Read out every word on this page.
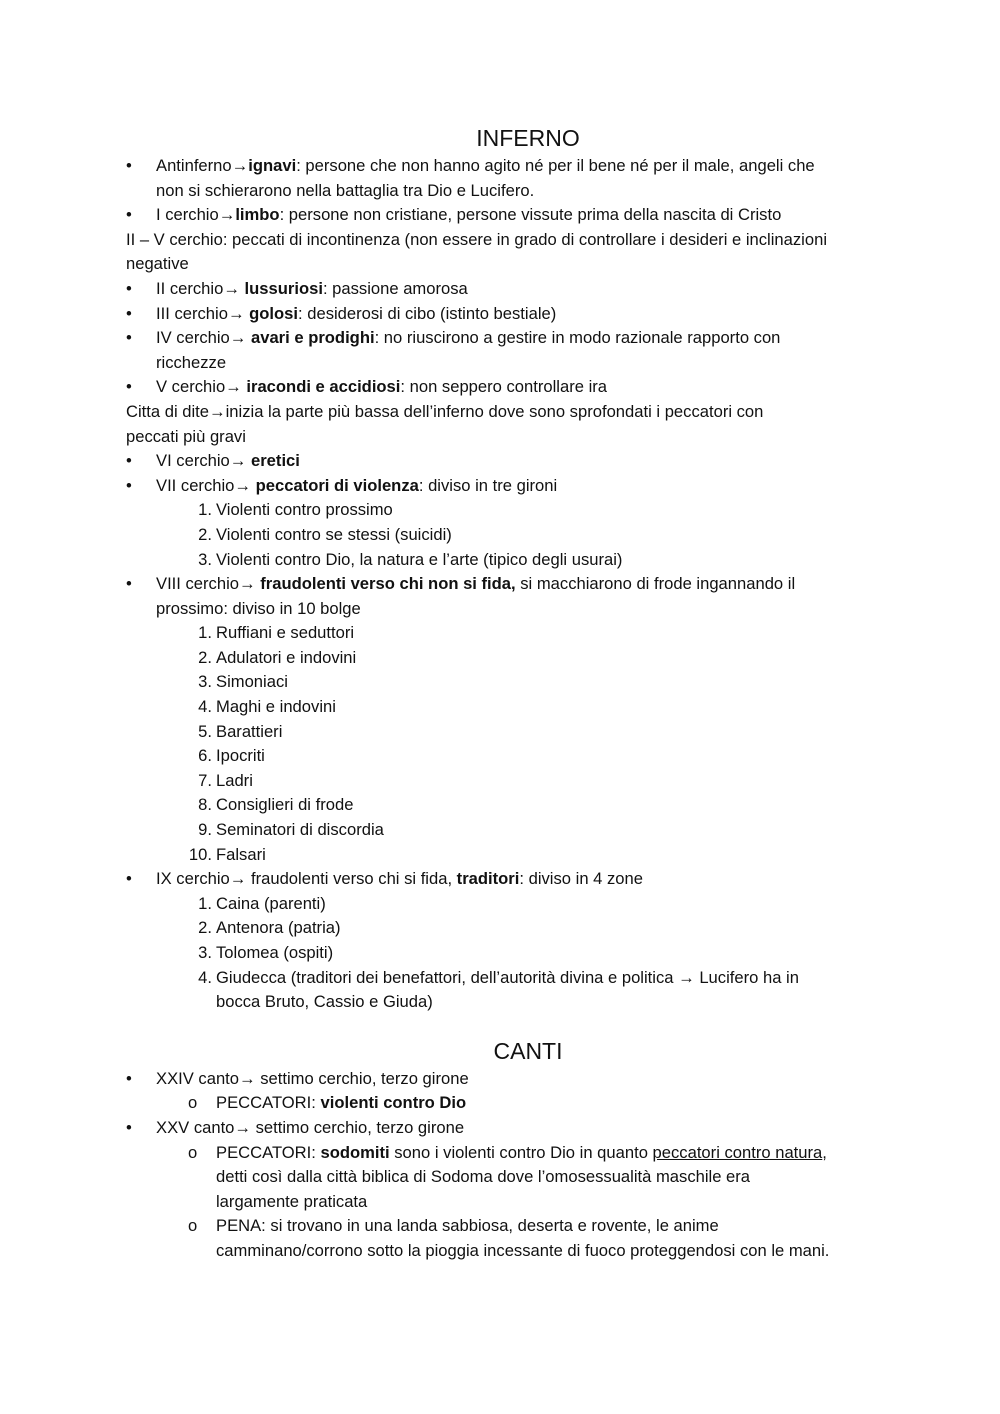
INFERNO
•	Antinferno→ignavi: persone che non hanno agito né per il bene né per il male, angeli che
non si schierarono nella battaglia tra Dio e Lucifero.
•	I cerchio→limbo: persone non cristiane, persone vissute prima della nascita di Cristo
II – V cerchio: peccati di incontinenza (non essere in grado di controllare i desideri e inclinazioni
negative
•	II cerchio→ lussuriosi: passione amorosa
•	III cerchio→ golosi: desiderosi di cibo (istinto bestiale)
•	IV cerchio→ avari e prodighi: no riuscirono a gestire in modo razionale rapporto con
ricchezze
•	V cerchio→ iracondi e accidiosi: non seppero controllare ira
Citta di dite→inizia la parte più bassa dell’inferno dove sono sprofondati i peccatori con
peccati più gravi
•	VI cerchio→ eretici
•	VII cerchio→ peccatori di violenza: diviso in tre gironi
1. Violenti contro prossimo
2. Violenti contro se stessi (suicidi)
3. Violenti contro Dio, la natura e l’arte (tipico degli usurai)
•	VIII cerchio→ fraudolenti verso chi non si fida, si macchiarono di frode ingannando il
prossimo: diviso in 10 bolge
1. Ruffiani e seduttori
2. Adulatori e indovini
3. Simoniaci
4. Maghi e indovini
5. Barattieri
6. Ipocriti
7. Ladri
8. Consiglieri di frode
9. Seminatori di discordia
10. Falsari
•	IX cerchio→ fraudolenti verso chi si fida, traditori: diviso in 4 zone
1. Caina (parenti)
2. Antenora (patria)
3. Tolomea (ospiti)
4. Giudecca (traditori dei benefattori, dell’autorità divina e politica → Lucifero ha in
bocca Bruto, Cassio e Giuda)
CANTI
•	XXIV canto→ settimo cerchio, terzo girone
o PECCATORI: violenti contro Dio
•	XXV canto→ settimo cerchio, terzo girone
o PECCATORI: sodomiti sono i violenti contro Dio in quanto peccatori contro natura,
detti così dalla città biblica di Sodoma dove l’omosessualità maschile era
largamente praticata
o PENA: si trovano in una landa sabbiosa, deserta e rovente, le anime
camminano/corrono sotto la pioggia incessante di fuoco proteggendosi con le mani.
